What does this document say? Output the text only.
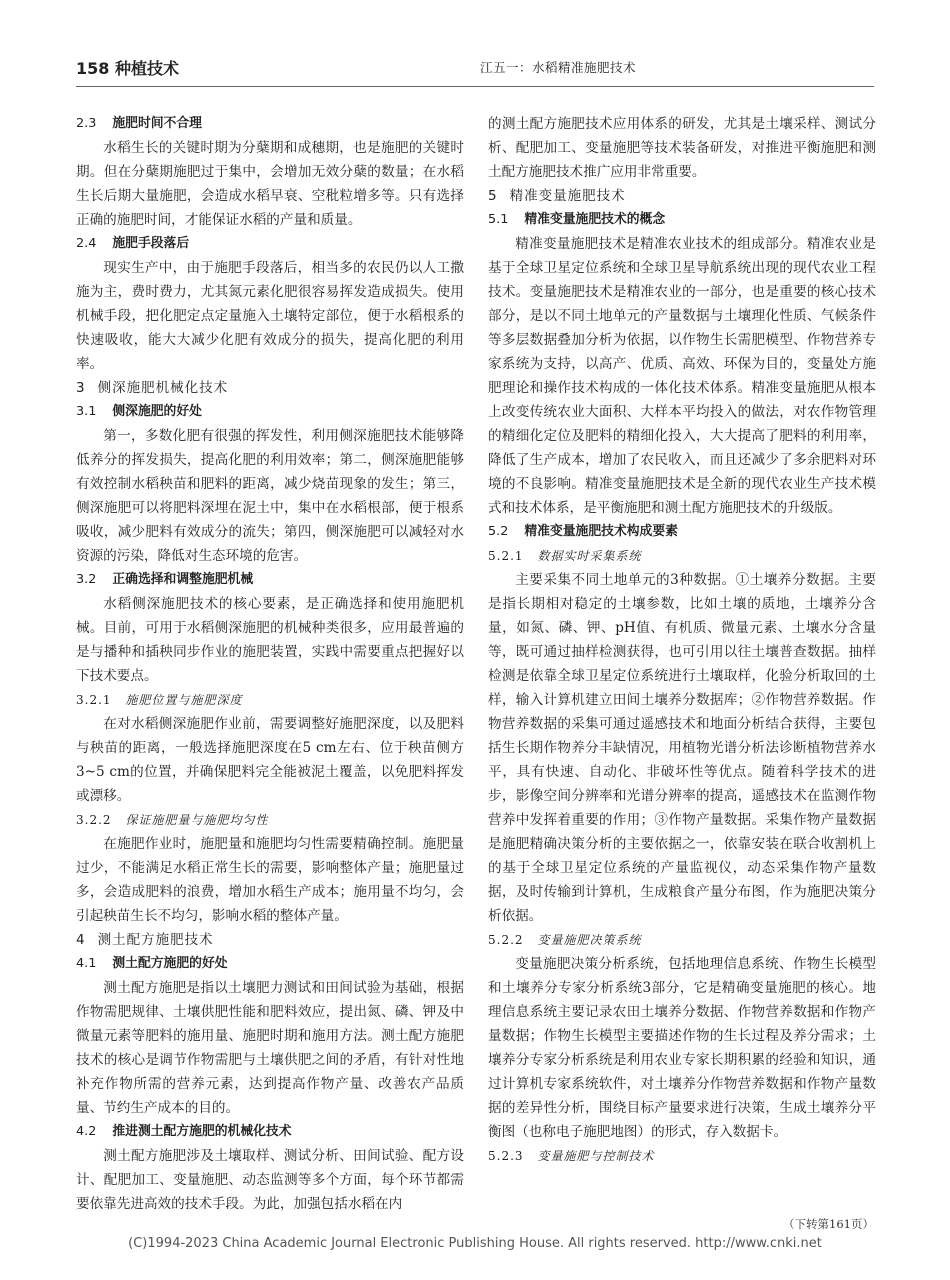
158 种植技术	江五一：水稻精准施肥技术
2.3 施肥时间不合理

水稻生长的关键时期为分蘖期和成穗期，也是施肥的关键时期。但在分蘖期施肥过于集中，会增加无效分蘖的数量；在水稻生长后期大量施肥，会造成水稻早衰、空秕粒增多等。只有选择正确的施肥时间，才能保证水稻的产量和质量。

2.4 施肥手段落后

现实生产中，由于施肥手段落后，相当多的农民仍以人工撒施为主，费时费力，尤其氮元素化肥很容易挥发造成损失。使用机械手段，把化肥定点定量施入土壤特定部位，便于水稻根系的快速吸收，能大大减少化肥有效成分的损失，提高化肥的利用率。

3 侧深施肥机械化技术
3.1 侧深施肥的好处

第一，多数化肥有很强的挥发性，利用侧深施肥技术能够降低养分的挥发损失，提高化肥的利用效率；第二，侧深施肥能够有效控制水稻秧苗和肥料的距离，减少烧苗现象的发生；第三，侧深施肥可以将肥料深埋在泥土中，集中在水稻根部，便于根系吸收，减少肥料有效成分的流失；第四，侧深施肥可以减轻对水资源的污染，降低对生态环境的危害。

3.2 正确选择和调整施肥机械

水稻侧深施肥技术的核心要素，是正确选择和使用施肥机械。目前，可用于水稻侧深施肥的机械种类很多，应用最普遍的是与播种和插秧同步作业的施肥装置，实践中需要重点把握好以下技术要点。

3.2.1 施肥位置与施肥深度

在对水稻侧深施肥作业前，需要调整好施肥深度，以及肥料与秧苗的距离，一般选择施肥深度在5 cm左右、位于秧苗侧方3~5 cm的位置，并确保肥料完全能被泥土覆盖，以免肥料挥发或漂移。

3.2.2 保证施肥量与施肥均匀性

在施肥作业时，施肥量和施肥均匀性需要精确控制。施肥量过少，不能满足水稻正常生长的需要，影响整体产量；施肥量过多，会造成肥料的浪费，增加水稻生产成本；施用量不均匀，会引起秧苗生长不均匀，影响水稻的整体产量。

4 测土配方施肥技术
4.1 测土配方施肥的好处

测土配方施肥是指以土壤肥力测试和田间试验为基础，根据作物需肥规律、土壤供肥性能和肥料效应，提出氮、磷、钾及中微量元素等肥料的施用量、施肥时期和施用方法。测土配方施肥技术的核心是调节作物需肥与土壤供肥之间的矛盾，有针对性地补充作物所需的营养元素，达到提高作物产量、改善农产品质量、节约生产成本的目的。

4.2 推进测土配方施肥的机械化技术

测土配方施肥涉及土壤取样、测试分析、田间试验、配方设计、配肥加工、变量施肥、动态监测等多个方面，每个环节都需要依靠先进高效的技术手段。为此，加强包括水稻在内

的测土配方施肥技术应用体系的研发，尤其是土壤采样、测试分析、配肥加工、变量施肥等技术装备研发，对推进平衡施肥和测土配方施肥技术推广应用非常重要。

5 精准变量施肥技术
5.1 精准变量施肥技术的概念

精准变量施肥技术是精准农业技术的组成部分。精准农业是基于全球卫星定位系统和全球卫星导航系统出现的现代农业工程技术。变量施肥技术是精准农业的一部分，也是重要的核心技术部分，是以不同土地单元的产量数据与土壤理化性质、气候条件等多层数据叠加分析为依据，以作物生长需肥模型、作物营养专家系统为支持，以高产、优质、高效、环保为目的，变量处方施肥理论和操作技术构成的一体化技术体系。精准变量施肥从根本上改变传统农业大面积、大样本平均投入的做法，对农作物管理的精细化定位及肥料的精细化投入，大大提高了肥料的利用率，降低了生产成本，增加了农民收入，而且还减少了多余肥料对环境的不良影响。精准变量施肥技术是全新的现代农业生产技术模式和技术体系，是平衡施肥和测土配方施肥技术的升级版。

5.2 精准变量施肥技术构成要素
5.2.1 数据实时采集系统

主要采集不同土地单元的3种数据。①土壤养分数据。主要是指长期相对稳定的土壤参数，比如土壤的质地，土壤养分含量，如氮、磷、钾、pH值、有机质、微量元素、土壤水分含量等，既可通过抽样检测获得，也可引用以往土壤普查数据。抽样检测是依靠全球卫星定位系统进行土壤取样，化验分析取回的土样，输入计算机建立田间土壤养分数据库；②作物营养数据。作物营养数据的采集可通过遥感技术和地面分析结合获得，主要包括生长期作物养分丰缺情况，用植物光谱分析法诊断植物营养水平，具有快速、自动化、非破坏性等优点。随着科学技术的进步，影像空间分辨率和光谱分辨率的提高，遥感技术在监测作物营养中发挥着重要的作用；③作物产量数据。采集作物产量数据是施肥精确决策分析的主要依据之一，依靠安装在联合收割机上的基于全球卫星定位系统的产量监视仪，动态采集作物产量数据，及时传输到计算机，生成粮食产量分布图，作为施肥决策分析依据。

5.2.2 变量施肥决策系统

变量施肥决策分析系统，包括地理信息系统、作物生长模型和土壤养分专家分析系统3部分，它是精确变量施肥的核心。地理信息系统主要记录农田土壤养分数据、作物营养数据和作物产量数据；作物生长模型主要描述作物的生长过程及养分需求；土壤养分专家分析系统是利用农业专家长期积累的经验和知识，通过计算机专家系统软件，对土壤养分作物营养数据和作物产量数据的差异性分析，围绕目标产量要求进行决策，生成土壤养分平衡图（也称电子施肥地图）的形式，存入数据卡。

5.2.3 变量施肥与控制技术
（下转第161页）
(C)1994-2023 China Academic Journal Electronic Publishing House. All rights reserved. http://www.cnki.net
